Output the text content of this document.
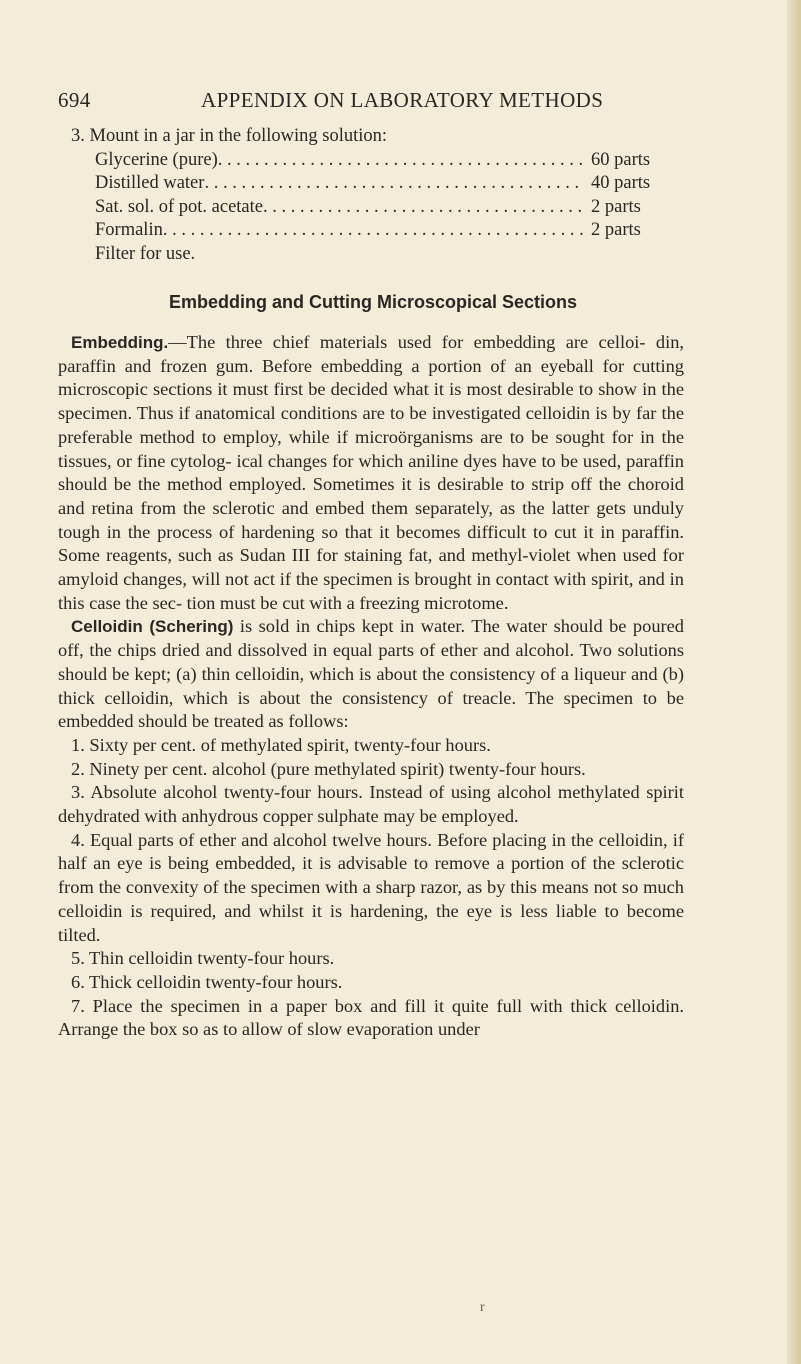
694	APPENDIX ON LABORATORY METHODS
3. Mount in a jar in the following solution:
Glycerine (pure) . . .	60 parts
Distilled water . . .	40 parts
Sat. sol. of pot. acetate . . .	2 parts
Formalin . . .	2 parts
Filter for use.
Embedding and Cutting Microscopical Sections

Embedding.—The three chief materials used for embedding are celloi- din, paraffin and frozen gum. Before embedding a portion of an eyeball for cutting microscopic sections it must first be decided what it is most desirable to show in the specimen. Thus if anatomical conditions are to be investigated celloidin is by far the preferable method to employ, while if microörganisms are to be sought for in the tissues, or fine cytolog- ical changes for which aniline dyes have to be used, paraffin should be the method employed. Sometimes it is desirable to strip off the choroid and retina from the sclerotic and embed them separately, as the latter gets unduly tough in the process of hardening so that it becomes difficult to cut it in paraffin. Some reagents, such as Sudan III for staining fat, and methyl-violet when used for amyloid changes, will not act if the specimen is brought in contact with spirit, and in this case the sec- tion must be cut with a freezing microtome.

Celloidin (Schering) is sold in chips kept in water. The water should be poured off, the chips dried and dissolved in equal parts of ether and alcohol. Two solutions should be kept; (a) thin celloidin, which is about the consistency of a liqueur and (b) thick celloidin, which is about the consistency of treacle. The specimen to be embedded should be treated as follows:

1. Sixty per cent. of methylated spirit, twenty-four hours.

2. Ninety per cent. alcohol (pure methylated spirit) twenty-four hours.

3. Absolute alcohol twenty-four hours. Instead of using alcohol methylated spirit dehydrated with anhydrous copper sulphate may be employed.

4. Equal parts of ether and alcohol twelve hours. Before placing in the celloidin, if half an eye is being embedded, it is advisable to remove a portion of the sclerotic from the convexity of the specimen with a sharp razor, as by this means not so much celloidin is required, and whilst it is hardening, the eye is less liable to become tilted.

5. Thin celloidin twenty-four hours.

6. Thick celloidin twenty-four hours.

7. Place the specimen in a paper box and fill it quite full with thick celloidin. Arrange the box so as to allow of slow evaporation under

r
